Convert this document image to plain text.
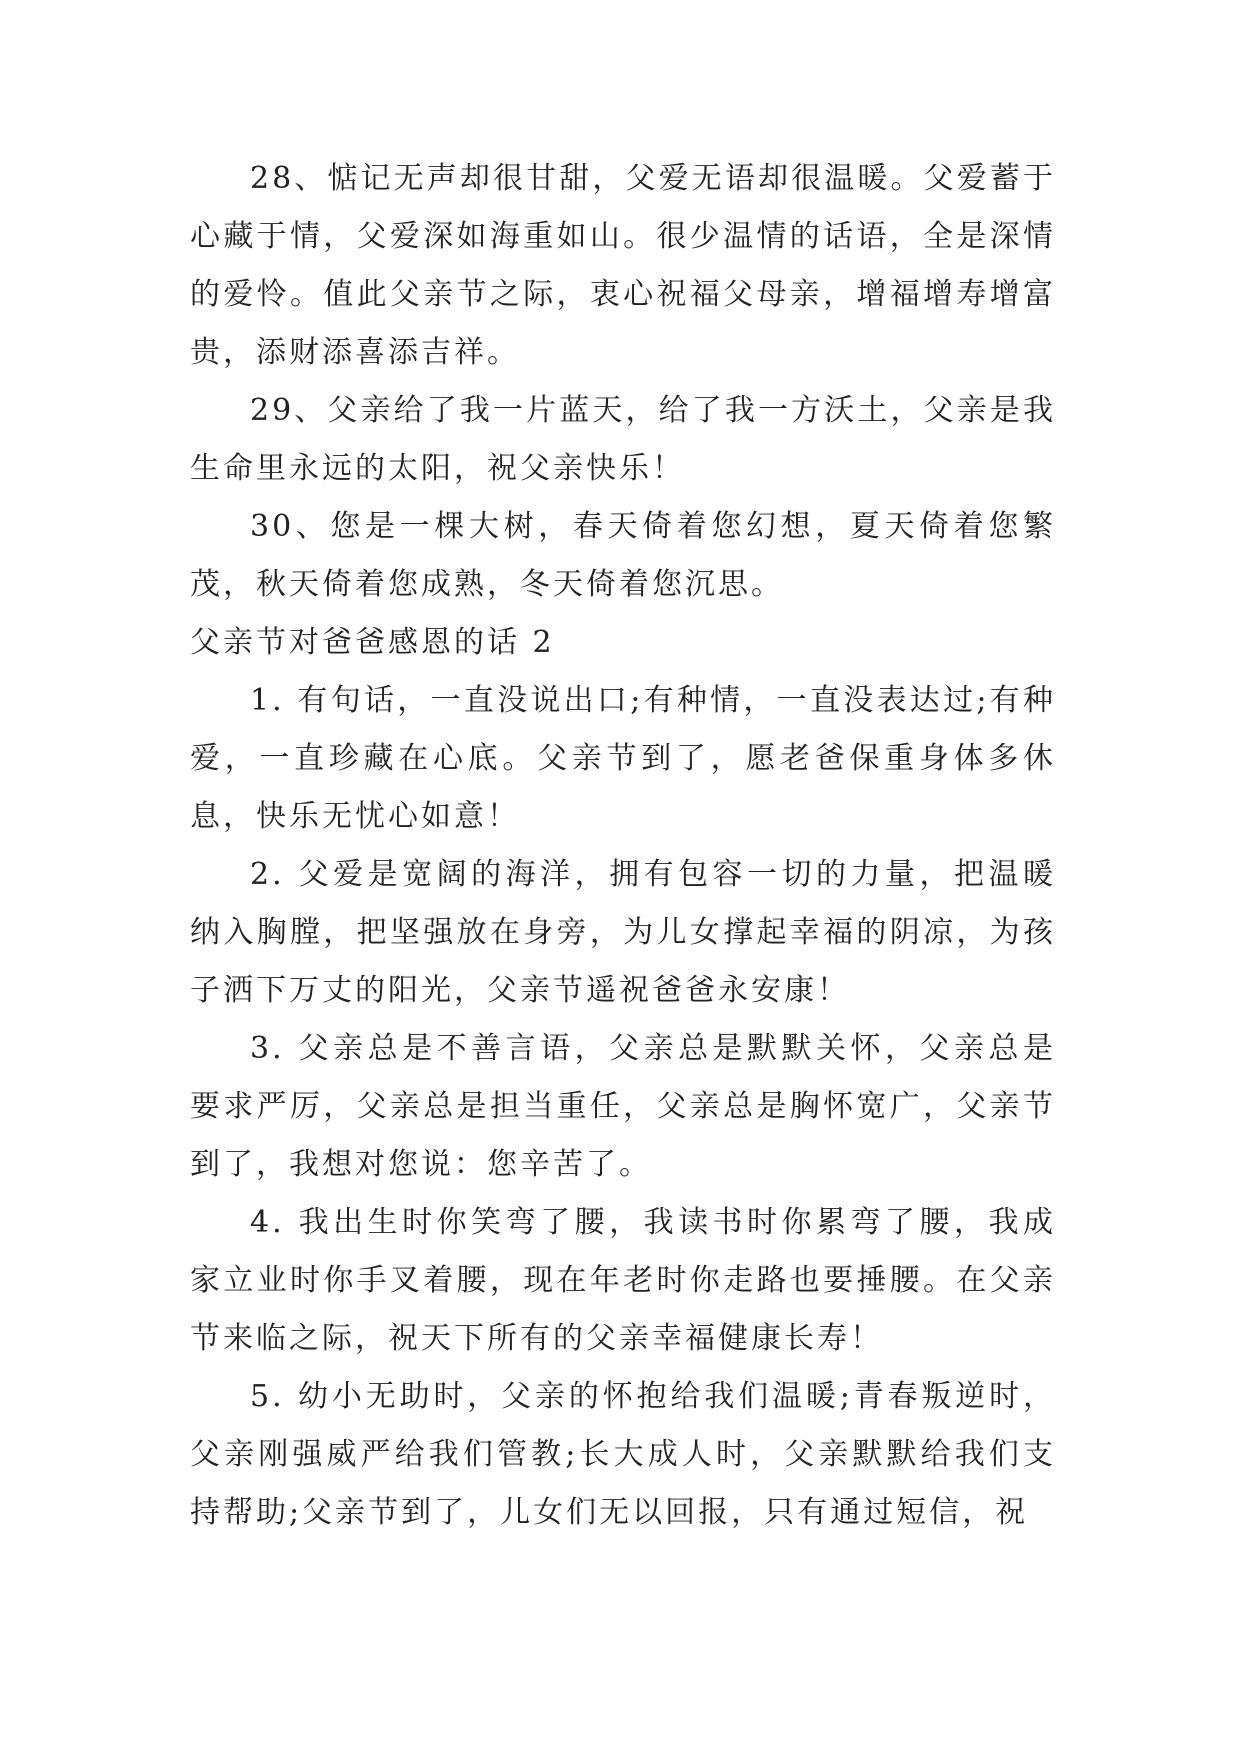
28、惦记无声却很甘甜，父爱无语却很温暖。父爱蓄于心藏于情，父爱深如海重如山。很少温情的话语，全是深情的爱怜。值此父亲节之际，衷心祝福父母亲，增福增寿增富贵，添财添喜添吉祥。

29、父亲给了我一片蓝天，给了我一方沃土，父亲是我生命里永远的太阳，祝父亲快乐！

30、您是一棵大树，春天倚着您幻想，夏天倚着您繁茂，秋天倚着您成熟，冬天倚着您沉思。

父亲节对爸爸感恩的话 2

1. 有句话，一直没说出口;有种情，一直没表达过;有种爱，一直珍藏在心底。父亲节到了，愿老爸保重身体多休息，快乐无忧心如意！

2. 父爱是宽阔的海洋，拥有包容一切的力量，把温暖纳入胸膛，把坚强放在身旁，为儿女撑起幸福的阴凉，为孩子洒下万丈的阳光，父亲节遥祝爸爸永安康！

3. 父亲总是不善言语，父亲总是默默关怀，父亲总是要求严厉，父亲总是担当重任，父亲总是胸怀宽广，父亲节到了，我想对您说：您辛苦了。

4. 我出生时你笑弯了腰，我读书时你累弯了腰，我成家立业时你手叉着腰，现在年老时你走路也要捶腰。在父亲节来临之际，祝天下所有的父亲幸福健康长寿！

5. 幼小无助时，父亲的怀抱给我们温暖;青春叛逆时，父亲刚强威严给我们管教;长大成人时，父亲默默给我们支持帮助;父亲节到了，儿女们无以回报，只有通过短信，祝
